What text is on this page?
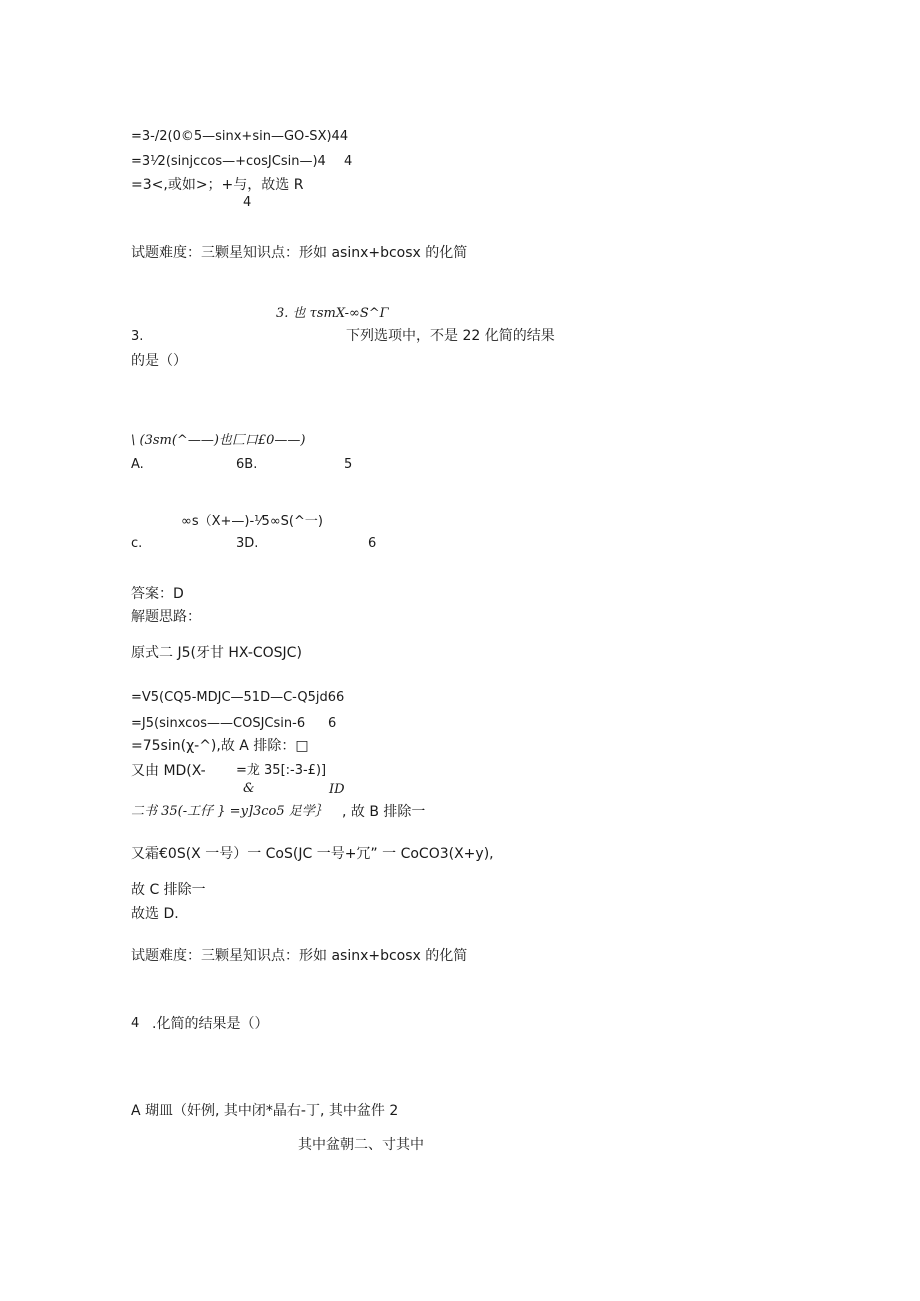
=3-/2(0©5—sinx+sin—GO-SX)44
=3⅟2(sinjccos—+cosJCsin—)4 4
=3<,或如>；+与，故选 R
4
试题难度：三颗星知识点：形如 asinx+bcosx 的化简
3. 也 τsmX-∞S^Γ
3.	下列选项中，不是 22 化简的结果
的是（）
\ (3sm(^——)也匚口£0——)
A.	6B.	5
∞s（X+—)-⅟5∞S(^一)
c.	3D.	6
答案：D
解题思路：
原式二 J5(牙甘 HX-COSJC)
=V5(CQ5-MDJC—51D—C-Q5jd66
=J5(sinxcos——COSJCsin-6 6
=75sin(χ-^),故 A 排除：□
又由 MD(X- =龙 35[:-3-£)]
&	ID
二书 35(-工仔 } =y]3co5 足学｝ , 故 B 排除一
又霜€0S(X 一号）一 CoS(JC 一号+冗” 一 CoCO3(X+y),
故 C 排除一
故选 D.
试题难度：三颗星知识点：形如 asinx+bcosx 的化简
4 .化简的结果是（）
A 瑚皿（奸例, 其中闭*晶右-丁, 其中盆件 2
其中盆朝二、寸其中
